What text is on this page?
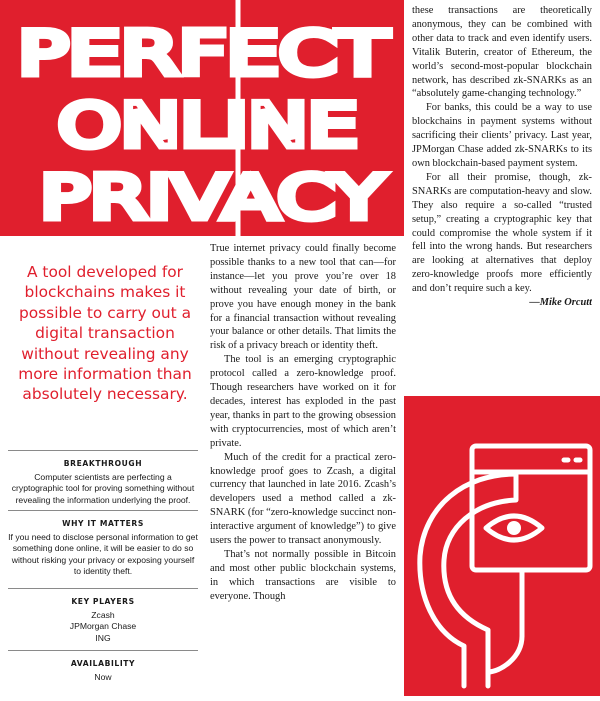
PERFECT
ONLINE
PRIVACY
A tool developed for blockchains makes it possible to carry out a digital transaction without revealing any more information than absolutely necessary.
BREAKTHROUGH
Computer scientists are perfecting a cryptographic tool for proving something without revealing the information underlying the proof.
WHY IT MATTERS
If you need to disclose personal information to get something done online, it will be easier to do so without risking your privacy or exposing yourself to identity theft.
KEY PLAYERS
Zcash
JPMorgan Chase
ING
AVAILABILITY
Now

True internet privacy could finally become possible thanks to a new tool that can—for instance—let you prove you’re over 18 without revealing your date of birth, or prove you have enough money in the bank for a financial transaction without revealing your balance or other details. That limits the risk of a privacy breach or identity theft.

The tool is an emerging cryptographic protocol called a zero-knowledge proof. Though researchers have worked on it for decades, interest has exploded in the past year, thanks in part to the growing obsession with cryptocurrencies, most of which aren’t private.

Much of the credit for a practical zero-knowledge proof goes to Zcash, a digital currency that launched in late 2016. Zcash’s developers used a method called a zk-SNARK (for “zero-knowledge succinct non-interactive argument of knowledge”) to give users the power to transact anonymously.

That’s not normally possible in Bitcoin and most other public blockchain systems, in which transactions are visible to everyone. Though

these transactions are theoretically anonymous, they can be combined with other data to track and even identify users. Vitalik Buterin, creator of Ethereum, the world’s second-most-popular blockchain network, has described zk-SNARKs as an “absolutely game-changing technology.”

For banks, this could be a way to use blockchains in payment systems without sacrificing their clients’ privacy. Last year, JPMorgan Chase added zk-SNARKs to its own blockchain-based payment system.

For all their promise, though, zk-SNARKs are computation-heavy and slow. They also require a so-called “trusted setup,” creating a cryptographic key that could compromise the whole system if it fell into the wrong hands. But researchers are looking at alternatives that deploy zero-knowledge proofs more efficiently and don’t require such a key.

—Mike Orcutt
